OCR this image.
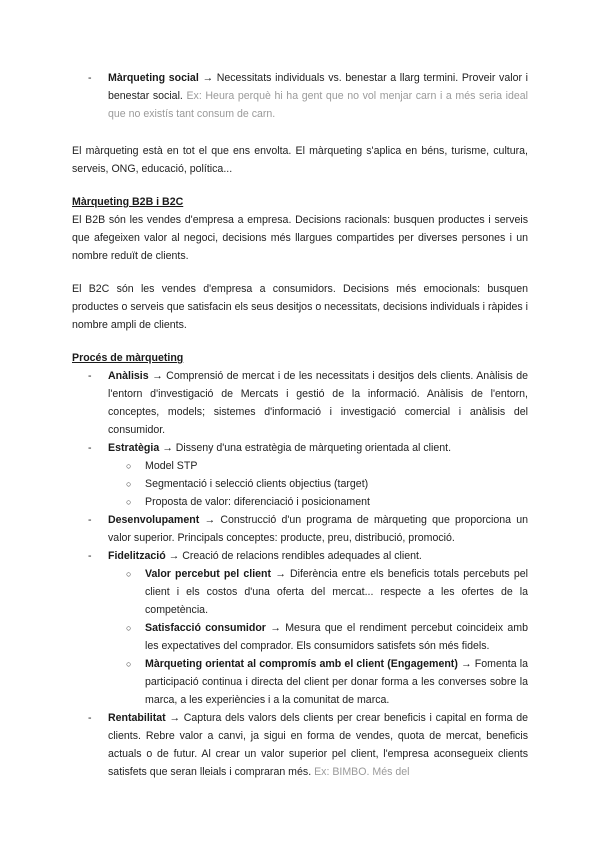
-	Màrqueting social → Necessitats individuals vs. benestar a llarg termini. Proveir valor i benestar social. Ex: Heura perquè hi ha gent que no vol menjar carn i a més seria ideal que no existís tant consum de carn.
El màrqueting està en tot el que ens envolta. El màrqueting s'aplica en béns, turisme, cultura, serveis, ONG, educació, política...
Màrqueting B2B i B2C
El B2B són les vendes d'empresa a empresa. Decisions racionals: busquen productes i serveis que afegeixen valor al negoci, decisions més llargues compartides per diverses persones i un nombre reduït de clients.
El B2C són les vendes d'empresa a consumidors. Decisions més emocionals: busquen productes o serveis que satisfacin els seus desitjos o necessitats, decisions individuals i ràpides i nombre ampli de clients.
Procés de màrqueting
-	Anàlisis → Comprensió de mercat i de les necessitats i desitjos dels clients. Anàlisis de l'entorn d'investigació de Mercats i gestió de la informació. Anàlisis de l'entorn, conceptes, models; sistemes d'informació i investigació comercial i anàlisis del consumidor.
-	Estratègia → Disseny d'una estratègia de màrqueting orientada al client.
○ Model STP
○ Segmentació i selecció clients objectius (target)
○ Proposta de valor: diferenciació i posicionament
-	Desenvolupament → Construcció d'un programa de màrqueting que proporciona un valor superior. Principals conceptes: producte, preu, distribució, promoció.
-	Fidelització → Creació de relacions rendibles adequades al client.
○ Valor percebut pel client → Diferència entre els beneficis totals percebuts pel client i els costos d'una oferta del mercat... respecte a les ofertes de la competència.
○ Satisfacció consumidor → Mesura que el rendiment percebut coincideix amb les expectatives del comprador. Els consumidors satisfets són més fidels.
○ Màrqueting orientat al compromís amb el client (Engagement) → Fomenta la participació continua i directa del client per donar forma a les converses sobre la marca, a les experiències i a la comunitat de marca.
-	Rentabilitat → Captura dels valors dels clients per crear beneficis i capital en forma de clients. Rebre valor a canvi, ja sigui en forma de vendes, quota de mercat, beneficis actuals o de futur. Al crear un valor superior pel client, l'empresa aconsegueix clients satisfets que seran lleials i compraran més. Ex: BIMBO. Més del
